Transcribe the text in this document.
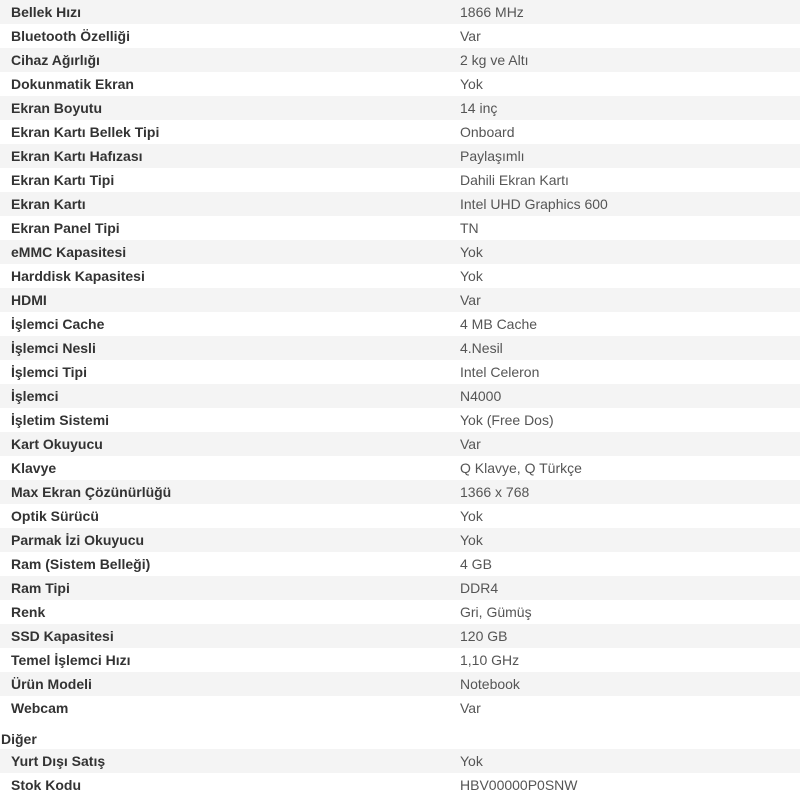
Bellek Hızı	1866 MHz
Bluetooth Özelliği	Var
Cihaz Ağırlığı	2 kg ve Altı
Dokunmatik Ekran	Yok
Ekran Boyutu	14 inç
Ekran Kartı Bellek Tipi	Onboard
Ekran Kartı Hafızası	Paylaşımlı
Ekran Kartı Tipi	Dahili Ekran Kartı
Ekran Kartı	Intel UHD Graphics 600
Ekran Panel Tipi	TN
eMMC Kapasitesi	Yok
Harddisk Kapasitesi	Yok
HDMI	Var
İşlemci Cache	4 MB Cache
İşlemci Nesli	4.Nesil
İşlemci Tipi	Intel Celeron
İşlemci	N4000
İşletim Sistemi	Yok (Free Dos)
Kart Okuyucu	Var
Klavye	Q Klavye, Q Türkçe
Max Ekran Çözünürlüğü	1366 x 768
Optik Sürücü	Yok
Parmak İzi Okuyucu	Yok
Ram (Sistem Belleği)	4 GB
Ram Tipi	DDR4
Renk	Gri, Gümüş
SSD Kapasitesi	120 GB
Temel İşlemci Hızı	1,10 GHz
Ürün Modeli	Notebook
Webcam	Var
Diğer
Yurt Dışı Satış	Yok
Stok Kodu	HBV00000P0SNW
